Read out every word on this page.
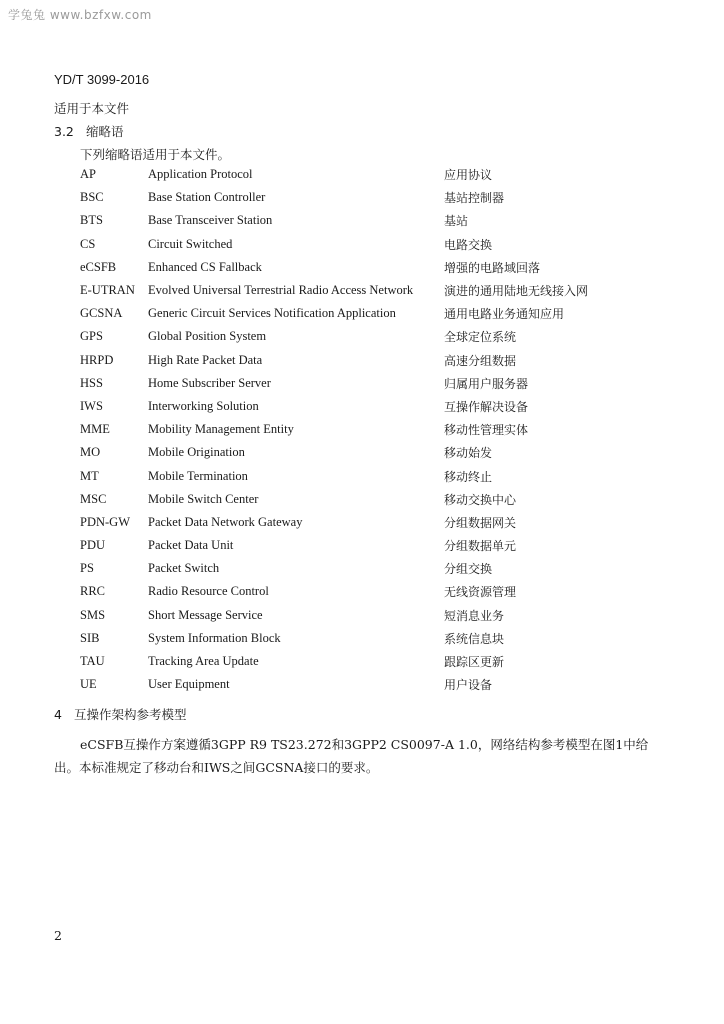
学兔兔 www.bzfxw.com
YD/T 3099-2016
适用于本文件
3.2 缩略语
下列缩略语适用于本文件。
AP	Application Protocol	应用协议
BSC	Base Station Controller	基站控制器
BTS	Base Transceiver Station	基站
CS	Circuit Switched	电路交换
eCSFB	Enhanced CS Fallback	增强的电路域回落
E-UTRAN	Evolved Universal Terrestrial Radio Access Network	演进的通用陆地无线接入网
GCSNA	Generic Circuit Services Notification Application	通用电路业务通知应用
GPS	Global Position System	全球定位系统
HRPD	High Rate Packet Data	高速分组数据
HSS	Home Subscriber Server	归属用户服务器
IWS	Interworking Solution	互操作解决设备
MME	Mobility Management Entity	移动性管理实体
MO	Mobile Origination	移动始发
MT	Mobile Termination	移动终止
MSC	Mobile Switch Center	移动交换中心
PDN-GW	Packet Data Network Gateway	分组数据网关
PDU	Packet Data Unit	分组数据单元
PS	Packet Switch	分组交换
RRC	Radio Resource Control	无线资源管理
SMS	Short Message Service	短消息业务
SIB	System Information Block	系统信息块
TAU	Tracking Area Update	跟踪区更新
UE	User Equipment	用户设备
4 互操作架构参考模型

eCSFB互操作方案遵循3GPP R9 TS23.272和3GPP2 CS0097-A 1.0，网络结构参考模型在图1中给出。本标准规定了移动台和IWS之间GCSNA接口的要求。

2
